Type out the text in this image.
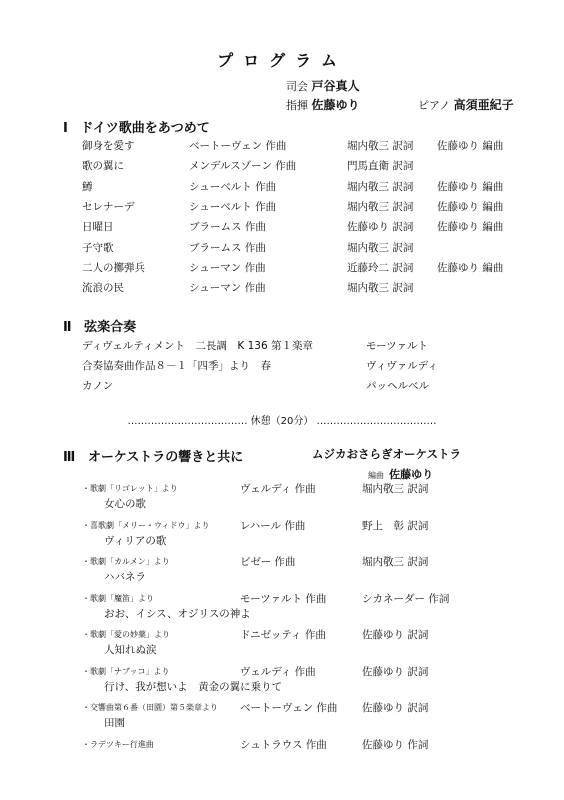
プログラム
司会 戸谷真人
指揮 佐藤ゆり	ピアノ 高須亜紀子
Ⅰ ドイツ歌曲をあつめて
御身を愛す	ベートーヴェン 作曲	堀内敬三 訳詞 佐藤ゆり 編曲
歌の翼に	メンデルスゾーン 作曲	門馬直衛 訳詞
鱒	シューベルト 作曲	堀内敬三 訳詞 佐藤ゆり 編曲
セレナーデ	シューベルト 作曲	堀内敬三 訳詞 佐藤ゆり 編曲
日曜日	ブラームス 作曲	佐藤ゆり 訳詞 佐藤ゆり 編曲
子守歌	ブラームス 作曲	堀内敬三 訳詞
二人の擲弾兵	シューマン 作曲	近藤玲二 訳詞 佐藤ゆり 編曲
流浪の民	シューマン 作曲	堀内敬三 訳詞
Ⅱ 弦楽合奏
ディヴェルティメント　二長調　K 136 第１楽章	モーツァルト
合奏協奏曲作品８－１「四季」より　春	ヴィヴァルディ
カノン	パッヘルベル
……………………………… 休憩（20分） ………………………………
Ⅲ オーケストラの響きと共に	ムジカおさらぎオーケストラ
編曲 佐藤ゆり
・歌劇「リゴレット」より	ヴェルディ 作曲	堀内敬三 訳詞
女心の歌
・喜歌劇「メリー・ウィドウ」より	レハール 作曲	野上　彰 訳詞
ヴィリアの歌
・歌劇「カルメン」より	ビゼー 作曲	堀内敬三 訳詞
ハバネラ
・歌劇「魔笛」より	モーツァルト 作曲	シカネーダー 作詞
おお、イシス、オジリスの神よ
・歌劇「愛の妙薬」より	ドニゼッティ 作曲	佐藤ゆり 訳詞
人知れぬ涙
・歌劇「ナブッコ」より	ヴェルディ 作曲	佐藤ゆり 訳詞
行け、我が想いよ　黄金の翼に乗りて
・交響曲第６番（田園）第５楽章より ベートーヴェン 作曲 佐藤ゆり 訳詞
田園
・ラデツキー行進曲	シュトラウス 作曲	佐藤ゆり 作詞
